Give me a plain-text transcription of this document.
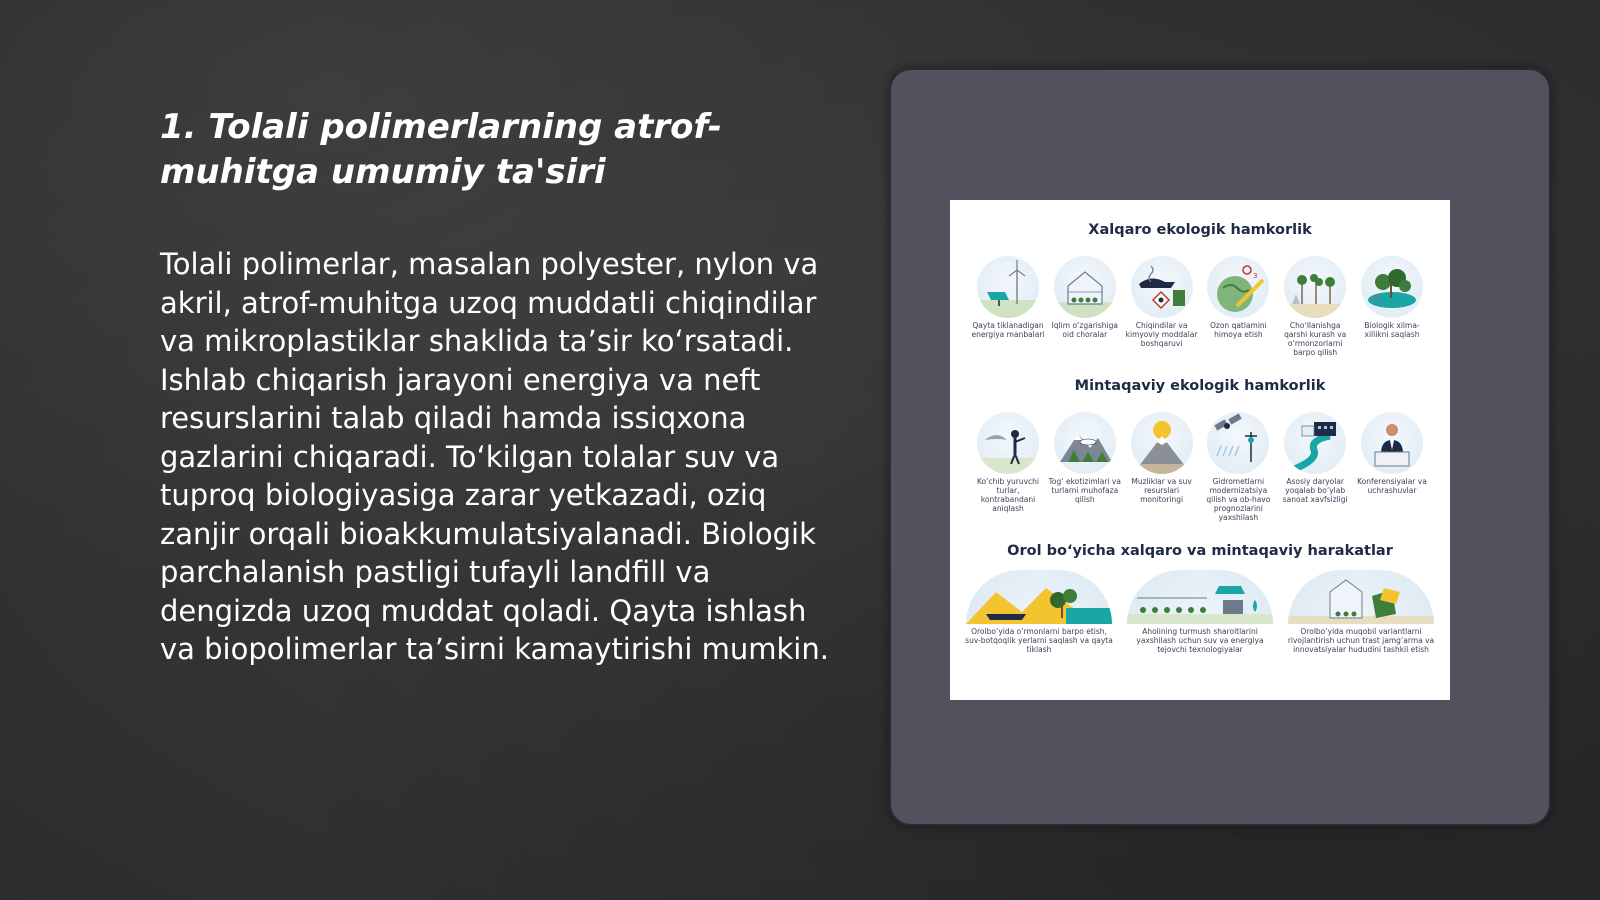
1. Tolali polimerlarning atrof-muhitga umumiy ta'siri

Tolali polimerlar, masalan polyester, nylon va akril, atrof-muhitga uzoq muddatli chiqindilar va mikroplastiklar shaklida ta’sir ko‘rsatadi. Ishlab chiqarish jarayoni energiya va neft resurslarini talab qiladi hamda issiqxona gazlarini chiqaradi. To‘kilgan tolalar suv va tuproq biologiyasiga zarar yetkazadi, oziq zanjir orqali bioakkumulatsiyalanadi. Biologik parchalanish pastligi tufayli landfill va dengizda uzoq muddat qoladi. Qayta ishlash va biopolimerlar ta’sirni kamaytirishi mumkin.

Xalqaro ekologik hamkorlik
Qayta tiklanadigan energiya manbalari
Iqlim o‘zgarishiga oid choralar
Chiqindilar va kimyoviy moddalar boshqaruvi
3
Ozon qatlamini himoya etish
Cho‘llanishga qarshi kurash va o‘rmonzorlarni barpo qilish
Biologik xilma-xillikni saqlash
Mintaqaviy ekologik hamkorlik
Ko‘chib yuruvchi turlar, kontrabandani aniqlash
Tog‘ ekotizimlari va turlarni muhofaza qilish
Muzliklar va suv resurslari monitoringi
Gidrometlarni modernizatsiya qilish va ob-havo prognozlarini yaxshilash
Asosiy daryolar yoqalab bo‘ylab sanoat xavfsizligi
Konferensiyalar va uchrashuvlar
Orol bo‘yicha xalqaro va mintaqaviy harakatlar
Orolbo‘yida o‘rmonlarni barpo etish, suv-botqoqlik yerlarni saqlash va qayta tiklash
Aholining turmush sharoitlarini yaxshilash uchun suv va energiya tejovchi texnologiyalar
Orolbo‘yida muqobil variantlarni rivojlantirish uchun trast jamg‘arma va innovatsiyalar hududini tashkil etish
